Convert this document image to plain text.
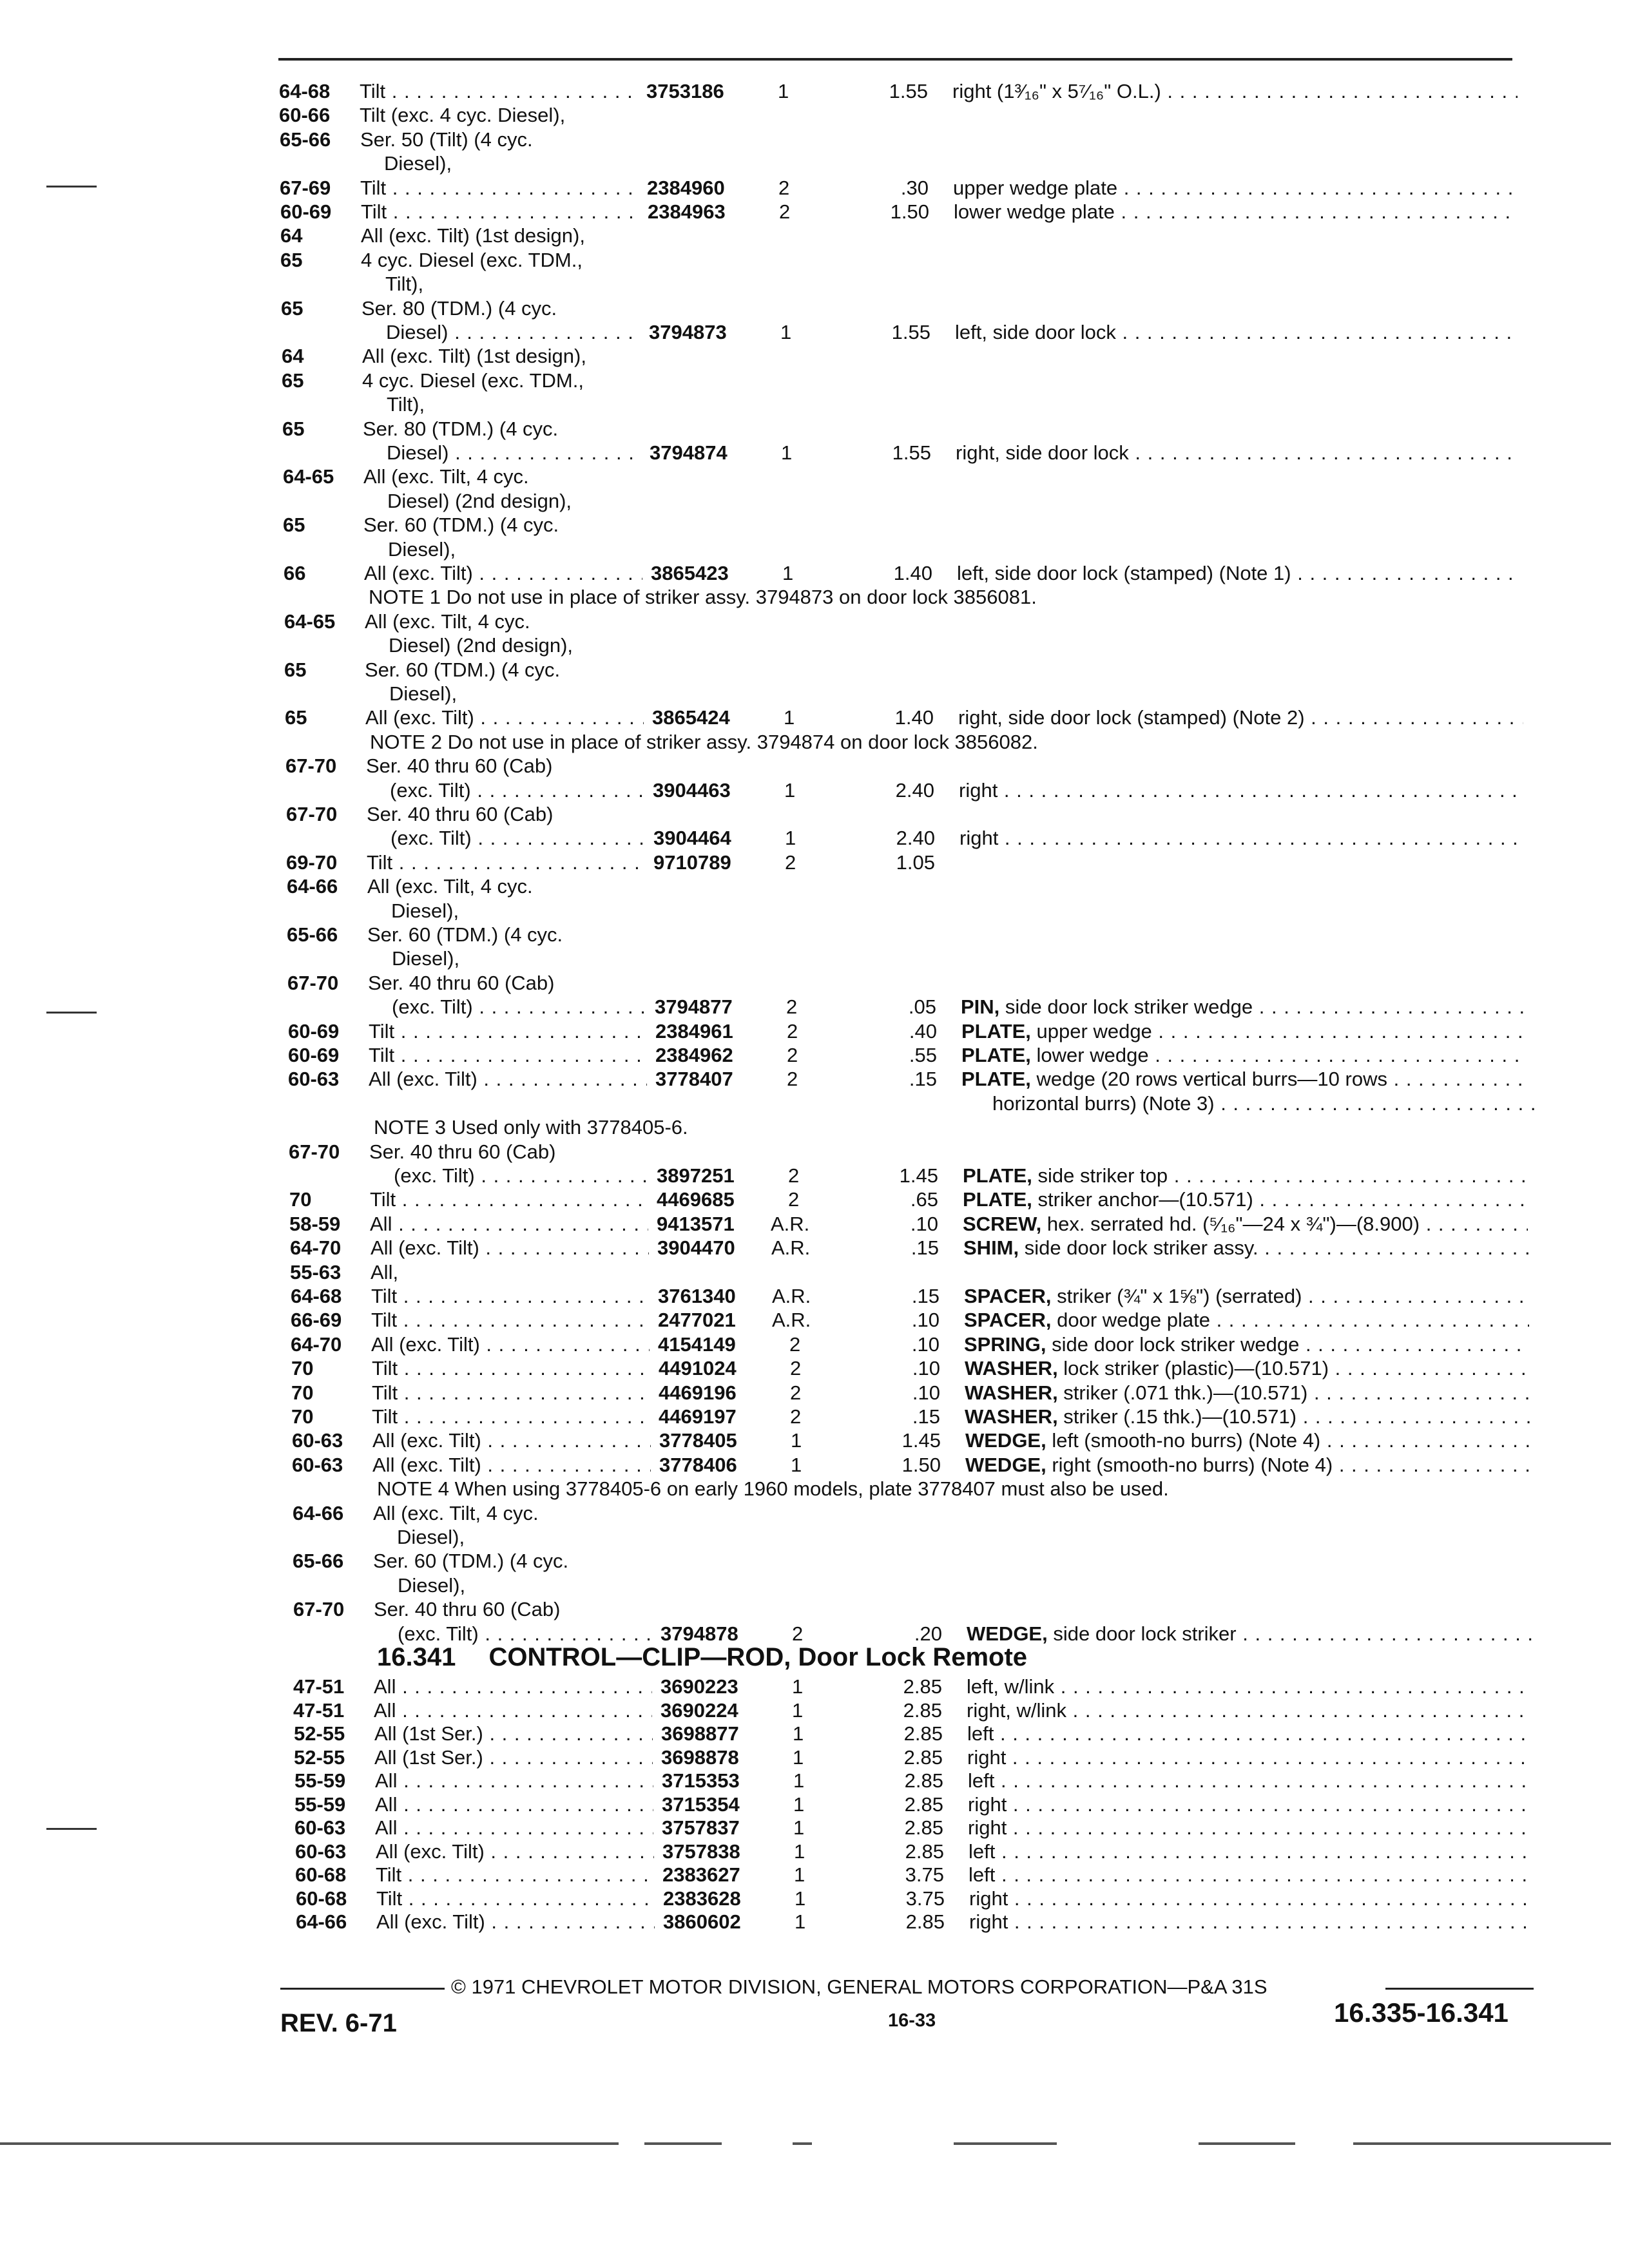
64-68 Tilt . . .	3753186	1	1.55 right (1³⁄₁₆" x 5⁷⁄₁₆" O.L.) . . .
60-66 Tilt (exc. 4 cyc. Diesel),
65-66 Ser. 50 (Tilt) (4 cyc.
Diesel),
67-69 Tilt . . .	2384960	2	.30 upper wedge plate . . .
60-69 Tilt . . .	2384963	2	1.50 lower wedge plate . . .
64	All (exc. Tilt) (1st design),
65	4 cyc. Diesel (exc. TDM.,
Tilt),
65	Ser. 80 (TDM.) (4 cyc.
Diesel) . . .	3794873	1	1.55 left, side door lock . . .
64	All (exc. Tilt) (1st design),
65	4 cyc. Diesel (exc. TDM.,
Tilt),
65	Ser. 80 (TDM.) (4 cyc.
Diesel) . . .	3794874	1	1.55 right, side door lock . . .
64-65 All (exc. Tilt, 4 cyc.
Diesel) (2nd design),
65	Ser. 60 (TDM.) (4 cyc.
Diesel),
66	All (exc. Tilt) . . .	3865423	1	1.40 left, side door lock (stamped) (Note 1) . . .
NOTE 1 Do not use in place of striker assy. 3794873 on door lock 3856081.
64-65 All (exc. Tilt, 4 cyc.
Diesel) (2nd design),
65	Ser. 60 (TDM.) (4 cyc.
Diesel),
65	All (exc. Tilt) . . .	3865424	1	1.40 right, side door lock (stamped) (Note 2) . . .
NOTE 2 Do not use in place of striker assy. 3794874 on door lock 3856082.
67-70 Ser. 40 thru 60 (Cab)
(exc. Tilt) . . .	3904463	1	2.40 right . . .
67-70 Ser. 40 thru 60 (Cab)
(exc. Tilt) . . .	3904464	1	2.40 right . . .
69-70 Tilt . . .	9710789	2	1.05
64-66 All (exc. Tilt, 4 cyc.
Diesel),
65-66 Ser. 60 (TDM.) (4 cyc.
Diesel),
67-70 Ser. 40 thru 60 (Cab)
(exc. Tilt) . . .	3794877	2	.05 PIN, side door lock striker wedge . . .
60-69 Tilt . . .	2384961	2	.40 PLATE, upper wedge . . .
60-69 Tilt . . .	2384962	2	.55 PLATE, lower wedge . . .
60-63 All (exc. Tilt) . . .	3778407	2	.15 PLATE, wedge (20 rows vertical burrs—10 rows . . .
horizontal burrs) (Note 3) . . .
NOTE 3 Used only with 3778405-6.
67-70 Ser. 40 thru 60 (Cab)
(exc. Tilt) . . .	3897251	2	1.45 PLATE, side striker top . . .
70	Tilt . . .	4469685	2	.65 PLATE, striker anchor—(10.571) . . .
58-59 All . . .	9413571 A.R.	.10 SCREW, hex. serrated hd. (⁵⁄₁₆"—24 x ¾")—(8.900) . . .
64-70 All (exc. Tilt) . . .	3904470 A.R.	.15 SHIM, side door lock striker assy. . . .
55-63 All,
64-68 Tilt . . .	3761340 A.R.	.15 SPACER, striker (¾" x 1⅝") (serrated) . . .
66-69 Tilt . . .	2477021 A.R.	.10 SPACER, door wedge plate . . .
64-70 All (exc. Tilt) . . .	4154149	2	.10 SPRING, side door lock striker wedge . . .
70	Tilt . . .	4491024	2	.10 WASHER, lock striker (plastic)—(10.571) . . .
70	Tilt . . .	4469196	2	.10 WASHER, striker (.071 thk.)—(10.571) . . .
70	Tilt . . .	4469197	2	.15 WASHER, striker (.15 thk.)—(10.571) . . .
60-63 All (exc. Tilt) . . .	3778405	1	1.45 WEDGE, left (smooth-no burrs) (Note 4) . . .
60-63 All (exc. Tilt) . . .	3778406	1	1.50 WEDGE, right (smooth-no burrs) (Note 4) . . .
NOTE 4 When using 3778405-6 on early 1960 models, plate 3778407 must also be used.
64-66 All (exc. Tilt, 4 cyc.
Diesel),
65-66 Ser. 60 (TDM.) (4 cyc.
Diesel),
67-70 Ser. 40 thru 60 (Cab)
(exc. Tilt) . . .	3794878	2	.20 WEDGE, side door lock striker . . .
47-51 All . . .	3690223	1	2.85 left, w/link . . .
47-51 All . . .	3690224	1	2.85 right, w/link . . .
52-55 All (1st Ser.) . . .	3698877	1	2.85 left . . .
52-55 All (1st Ser.) . . .	3698878	1	2.85 right . . .
55-59 All . . .	3715353	1	2.85 left . . .
55-59 All . . .	3715354	1	2.85 right . . .
60-63 All . . .	3757837	1	2.85 right . . .
60-63 All (exc. Tilt) . . .	3757838	1	2.85 left . . .
60-68 Tilt . . .	2383627	1	3.75 left . . .
60-68 Tilt . . .	2383628	1	3.75 right . . .
64-66 All (exc. Tilt) . . .	3860602	1	2.85 right . . .
16.341 CONTROL—CLIP—ROD, Door Lock Remote
© 1971 CHEVROLET MOTOR DIVISION, GENERAL MOTORS CORPORATION—P&A 31S
REV. 6-71	16-33	16.335-16.341
